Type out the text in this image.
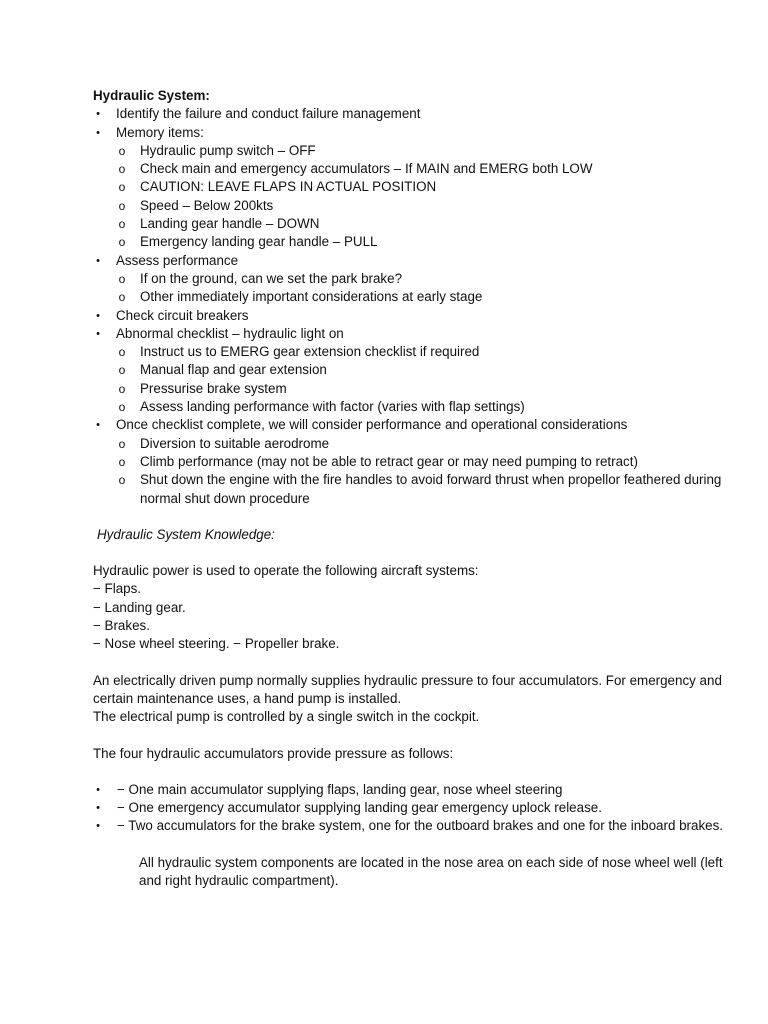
Hydraulic System:

• Identify the failure and conduct failure management
• Memory items:
o Hydraulic pump switch – OFF
o Check main and emergency accumulators – If MAIN and EMERG both LOW
o CAUTION: LEAVE FLAPS IN ACTUAL POSITION
o Speed – Below 200kts
o Landing gear handle – DOWN
o Emergency landing gear handle – PULL
• Assess performance
o If on the ground, can we set the park brake?
o Other immediately important considerations at early stage
• Check circuit breakers
• Abnormal checklist – hydraulic light on
o Instruct us to EMERG gear extension checklist if required
o Manual flap and gear extension
o Pressurise brake system
o Assess landing performance with factor (varies with flap settings)
• Once checklist complete, we will consider performance and operational considerations
o Diversion to suitable aerodrome
o Climb performance (may not be able to retract gear or may need pumping to retract)
o Shut down the engine with the fire handles to avoid forward thrust when propellor feathered during normal shut down procedure

Hydraulic System Knowledge:

Hydraulic power is used to operate the following aircraft systems:

− Flaps.

− Landing gear.

− Brakes.

− Nose wheel steering. − Propeller brake.

An electrically driven pump normally supplies hydraulic pressure to four accumulators. For emergency and certain maintenance uses, a hand pump is installed.

The electrical pump is controlled by a single switch in the cockpit.

The four hydraulic accumulators provide pressure as follows:

• − One main accumulator supplying flaps, landing gear, nose wheel steering
• − One emergency accumulator supplying landing gear emergency uplock release.
• − Two accumulators for the brake system, one for the outboard brakes and one for the inboard brakes.

All hydraulic system components are located in the nose area on each side of nose wheel well (left and right hydraulic compartment).
